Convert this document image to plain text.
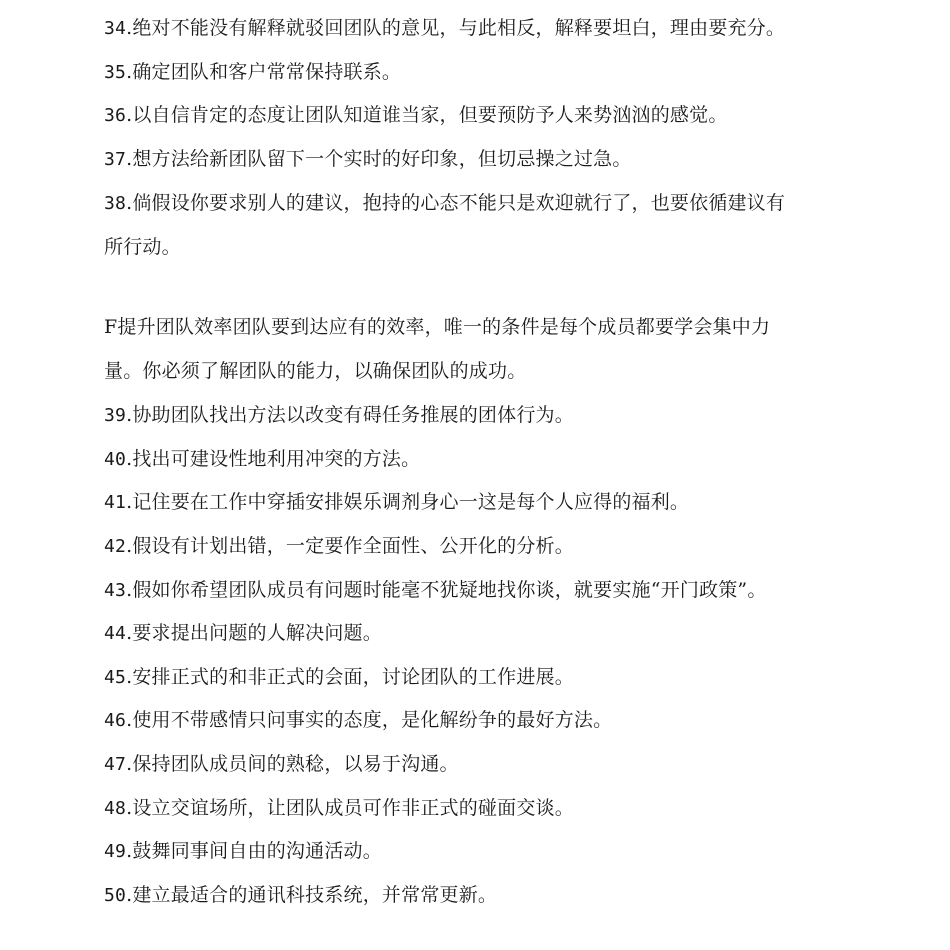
34.绝对不能没有解释就驳回团队的意见，与此相反，解释要坦白，理由要充分。
35.确定团队和客户常常保持联系。
36.以自信肯定的态度让团队知道谁当家，但要预防予人来势汹汹的感觉。
37.想方法给新团队留下一个实时的好印象，但切忌操之过急。
38.倘假设你要求别人的建议，抱持的心态不能只是欢迎就行了，也要依循建议有
所行动。
F提升团队效率团队要到达应有的效率，唯一的条件是每个成员都要学会集中力
量。你必须了解团队的能力，以确保团队的成功。
39.协助团队找出方法以改变有碍任务推展的团体行为。
40.找出可建设性地利用冲突的方法。
41.记住要在工作中穿插安排娱乐调剂身心一这是每个人应得的福利。
42.假设有计划出错，一定要作全面性、公开化的分析。
43.假如你希望团队成员有问题时能毫不犹疑地找你谈，就要实施“开门政策”。
44.要求提出问题的人解决问题。
45.安排正式的和非正式的会面，讨论团队的工作进展。
46.使用不带感情只问事实的态度，是化解纷争的最好方法。
47.保持团队成员间的熟稔，以易于沟通。
48.设立交谊场所，让团队成员可作非正式的碰面交谈。
49.鼓舞同事间自由的沟通活动。
50.建立最适合的通讯科技系统，并常常更新。
